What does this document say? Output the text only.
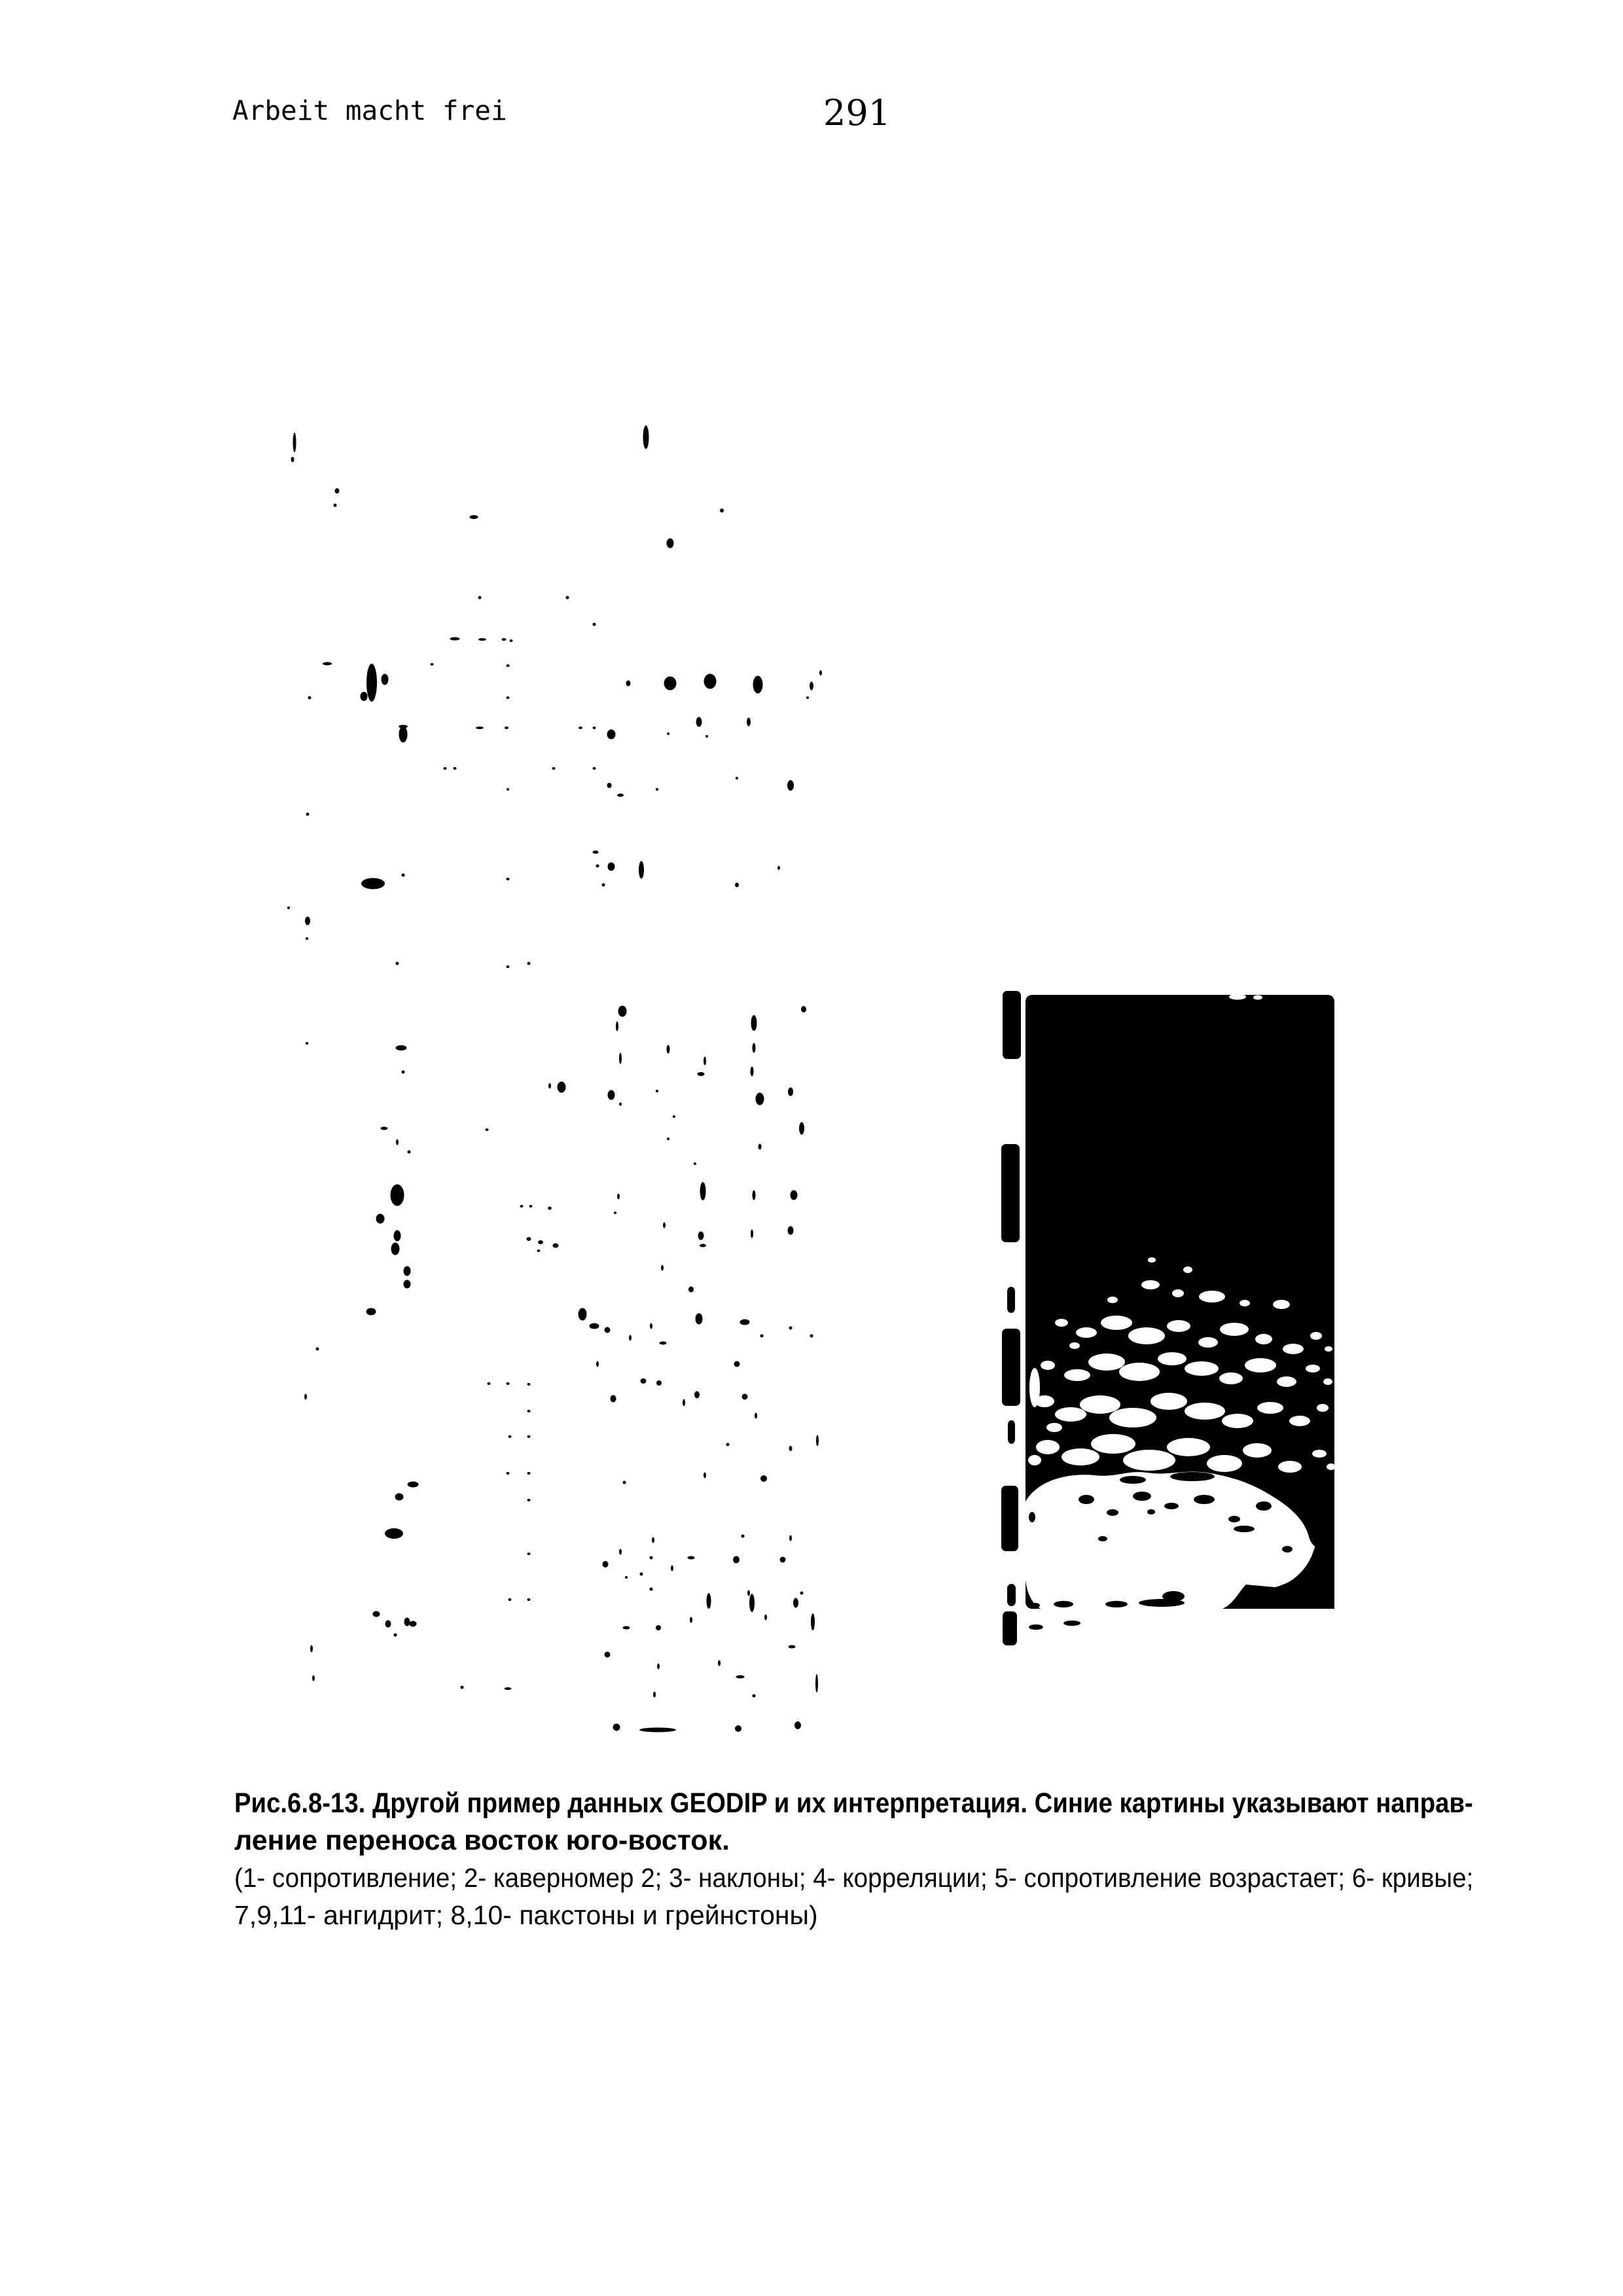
Arbeit macht frei	291
Рис.6.8-13. Другой пример данных GEODIP и их интерпретация. Синие картины указывают направ-
ление переноса восток юго-восток.
(1- сопротивление; 2- каверномер 2; 3- наклоны; 4- корреляции; 5- сопротивление возрастает; 6- кривые;
7,9,11- ангидрит; 8,10- пакстоны и грейнстоны)
